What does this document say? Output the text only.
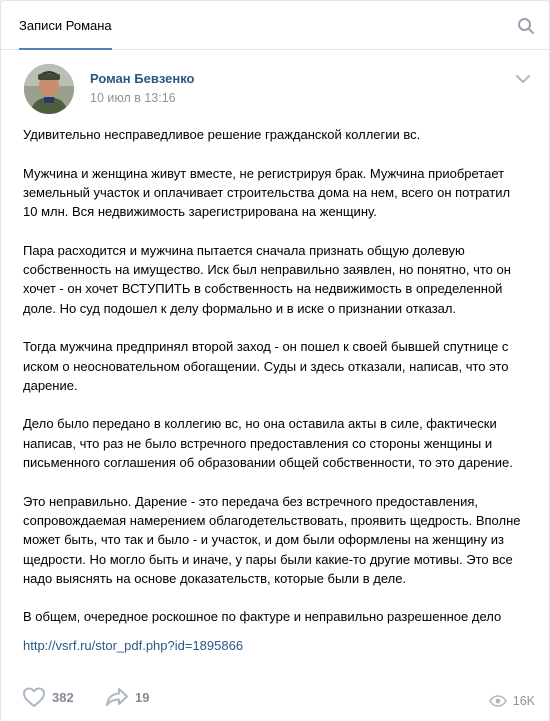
Записи Романа
Роман Бевзенко
10 июл в 13:16

Удивительно несправедливое решение гражданской коллегии вс.

Мужчина и женщина живут вместе, не регистрируя брак. Мужчина приобретает земельный участок и оплачивает строительства дома на нем, всего он потратил 10 млн. Вся недвижимость зарегистрирована на женщину.

Пара расходится и мужчина пытается сначала признать общую долевую собственность на имущество. Иск был неправильно заявлен, но понятно, что он хочет - он хочет ВСТУПИТЬ в собственность на недвижимость в определенной доле. Но суд подошел к делу формально и в иске о признании отказал.

Тогда мужчина предпринял второй заход - он пошел к своей бывшей спутнице с иском о неосновательном обогащении. Суды и здесь отказали, написав, что это дарение.

Дело было передано в коллегию вс, но она оставила акты в силе, фактически написав, что раз не было встречного предоставления со стороны женщины и письменного соглашения об образовании общей собственности, то это дарение.

Это неправильно. Дарение - это передача без встречного предоставления, сопровождаемая намерением облагодетельствовать, проявить щедрость. Вполне может быть, что так и было - и участок, и дом были оформлены на женщину из щедрости. Но могло быть и иначе, у пары были какие-то другие мотивы. Это все надо выяснять на основе доказательств, которые были в деле.

В общем, очередное роскошное по фактуре и неправильно разрешенное дело

http://vsrf.ru/stor_pdf.php?id=1895866
382	19	16K
